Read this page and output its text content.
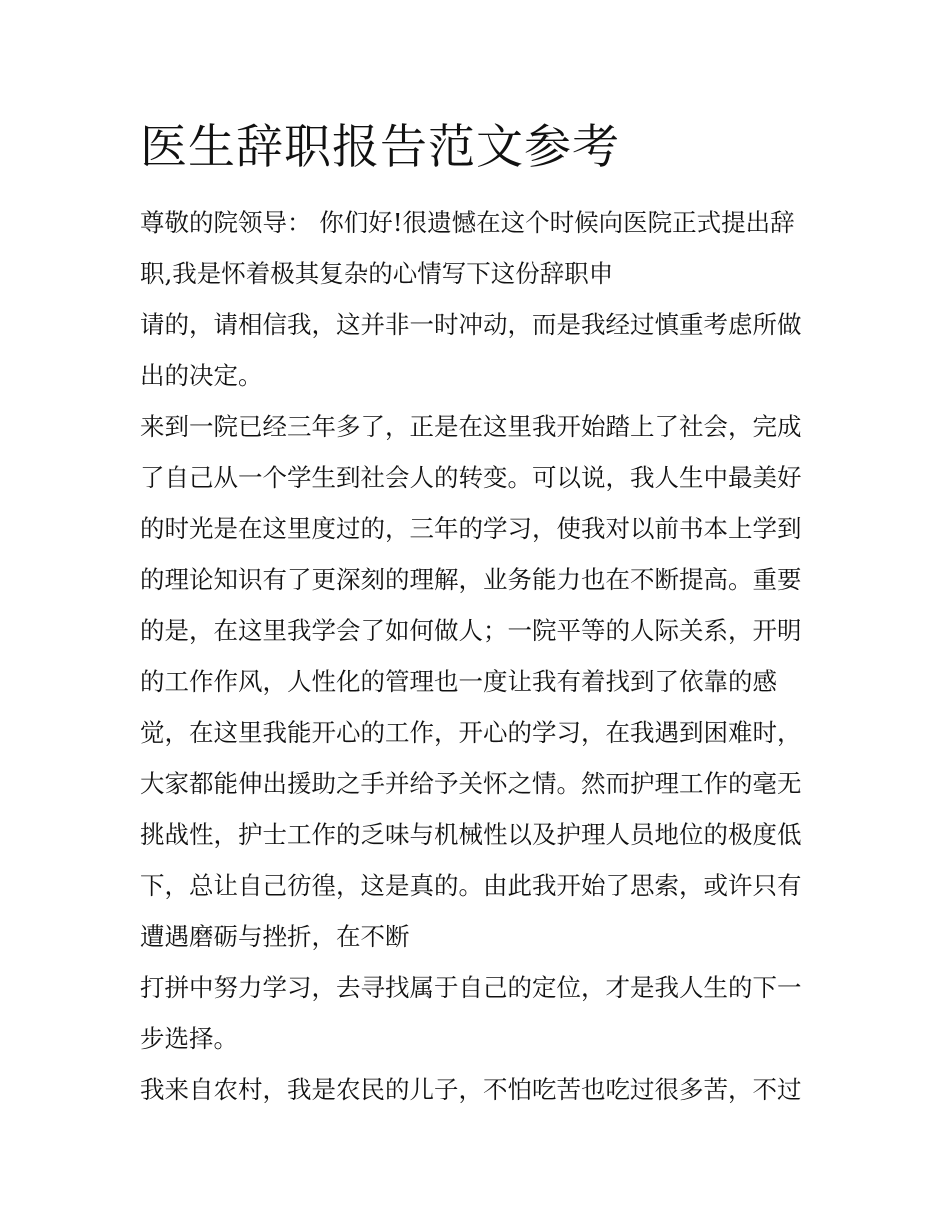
医生辞职报告范文参考
尊敬的院领导： 你们好!很遗憾在这个时候向医院正式提出辞
职,我是怀着极其复杂的心情写下这份辞职申
请的，请相信我，这并非一时冲动，而是我经过慎重考虑所做
出的决定。
来到一院已经三年多了，正是在这里我开始踏上了社会，完成
了自己从一个学生到社会人的转变。可以说，我人生中最美好
的时光是在这里度过的，三年的学习，使我对以前书本上学到
的理论知识有了更深刻的理解，业务能力也在不断提高。重要
的是，在这里我学会了如何做人；一院平等的人际关系，开明
的工作作风，人性化的管理也一度让我有着找到了依靠的感
觉，在这里我能开心的工作，开心的学习，在我遇到困难时，
大家都能伸出援助之手并给予关怀之情。然而护理工作的毫无
挑战性，护士工作的乏味与机械性以及护理人员地位的极度低
下，总让自己彷徨，这是真的。由此我开始了思索，或许只有
遭遇磨砺与挫折，在不断
打拼中努力学习，去寻找属于自己的定位，才是我人生的下一
步选择。
我来自农村，我是农民的儿子，不怕吃苦也吃过很多苦，不过
